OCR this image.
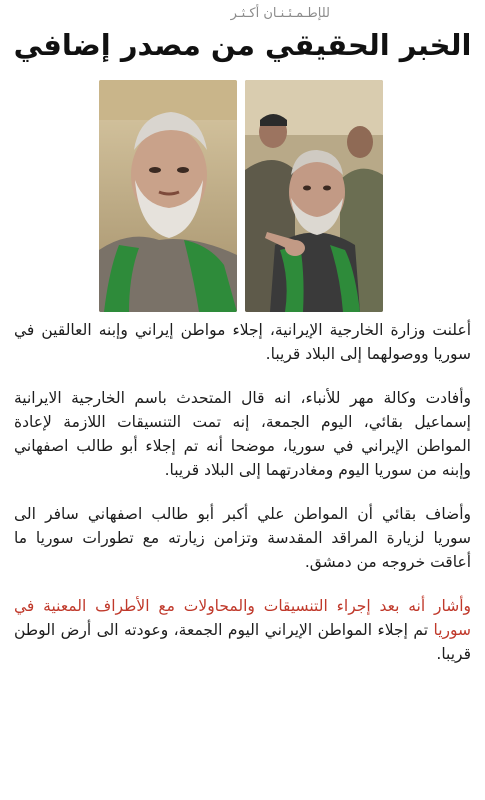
للإطـمـئـنـان أكـثـر
الخبر الحقيقي من مصدر إضافي

أعلنت وزارة الخارجية الإيرانية، إجلاء مواطن إيراني وإبنه العالقين في سوريا ووصولهما إلى البلاد قريبا.

وأفادت وكالة مهر للأنباء، انه قال المتحدث باسم الخارجية الايرانية إسماعيل بقائي، اليوم الجمعة، إنه تمت التنسيقات اللازمة لإعادة المواطن الإيراني في سوريا، موضحا أنه تم إجلاء أبو طالب اصفهاني وإبنه من سوريا اليوم ومغادرتهما إلى البلاد قريبا.

وأضاف بقائي أن المواطن علي أكبر أبو طالب اصفهاني سافر الى سوريا لزيارة المراقد المقدسة وتزامن زيارته مع تطورات سوريا ما أعاقت خروجه من دمشق.

وأشار أنه بعد إجراء التنسيقات والمحاولات مع الأطراف المعنية في سوريا تم إجلاء المواطن الإيراني اليوم الجمعة، وعودته الى أرض الوطن قريبا.
